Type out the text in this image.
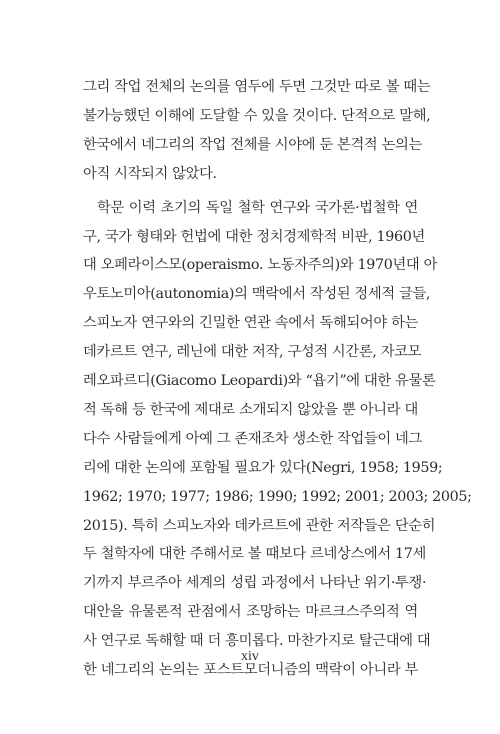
그리 작업 전체의 논의를 염두에 두면 그것만 따로 볼 때는
불가능했던 이해에 도달할 수 있을 것이다. 단적으로 말해,
한국에서 네그리의 작업 전체를 시야에 둔 본격적 논의는
아직 시작되지 않았다.
학문 이력 초기의 독일 철학 연구와 국가론·법철학 연
구, 국가 형태와 헌법에 대한 정치경제학적 비판, 1960년
대 오페라이스모(operaismo. 노동자주의)와 1970년대 아
우토노미아(autonomia)의 맥락에서 작성된 정세적 글들,
스피노자 연구와의 긴밀한 연관 속에서 독해되어야 하는
데카르트 연구, 레닌에 대한 저작, 구성적 시간론, 자코모
레오파르디(Giacomo Leopardi)와 “욥기”에 대한 유물론
적 독해 등 한국에 제대로 소개되지 않았을 뿐 아니라 대
다수 사람들에게 아예 그 존재조차 생소한 작업들이 네그
리에 대한 논의에 포함될 필요가 있다(Negri, 1958; 1959;
1962; 1970; 1977; 1986; 1990; 1992; 2001; 2003; 2005;
2015). 특히 스피노자와 데카르트에 관한 저작들은 단순히
두 철학자에 대한 주해서로 볼 때보다 르네상스에서 17세
기까지 부르주아 세계의 성립 과정에서 나타난 위기·투쟁·
대안을 유물론적 관점에서 조망하는 마르크스주의적 역
사 연구로 독해할 때 더 흥미롭다. 마찬가지로 탈근대에 대
한 네그리의 논의는 포스트모더니즘의 맥락이 아니라 부
xiv
